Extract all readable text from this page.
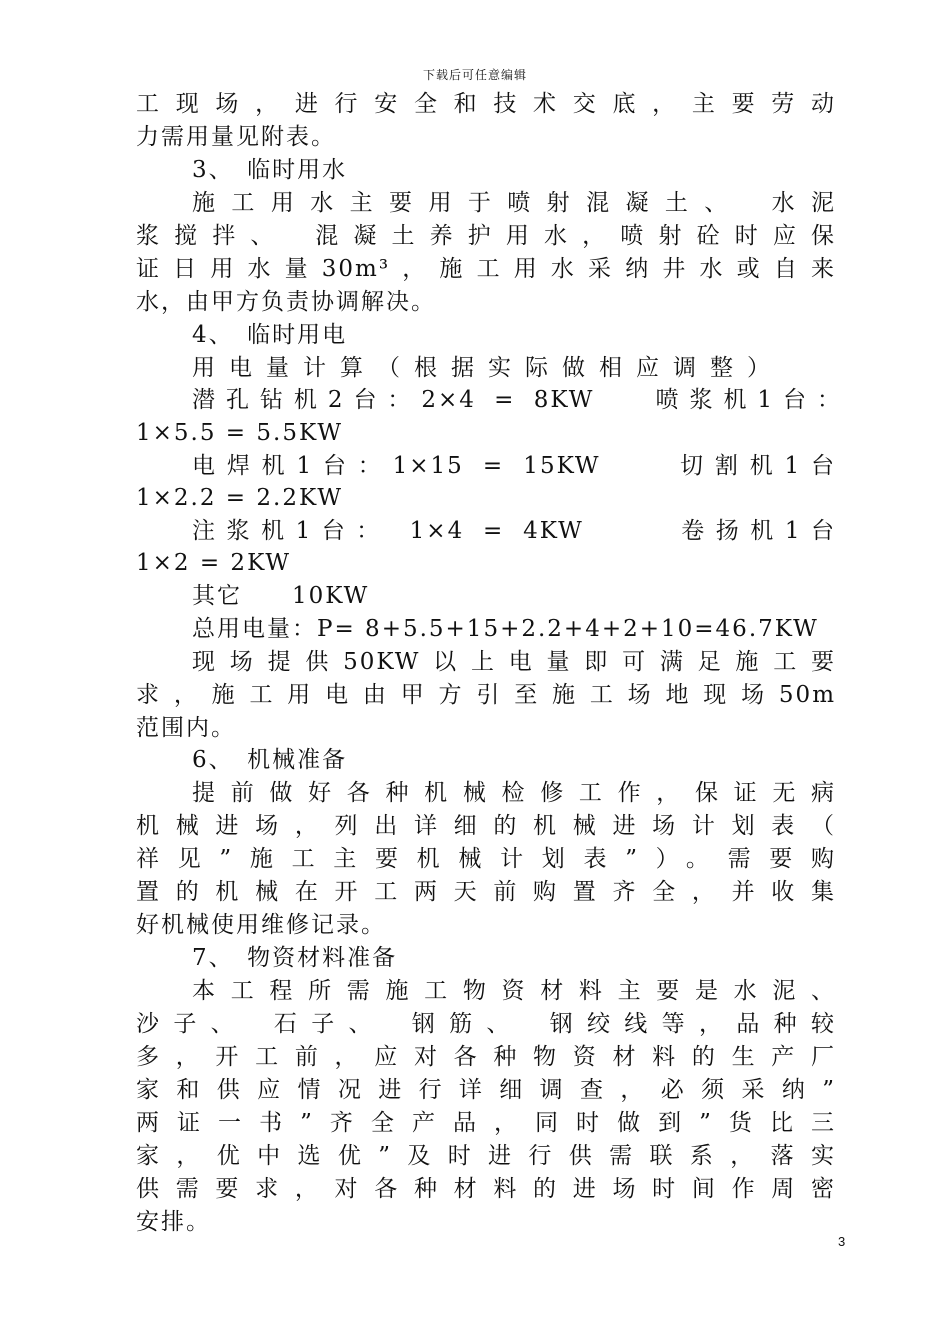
下载后可任意编辑
工现场，进行安全和技术交底，主要劳动
力需用量见附表。
3、　临时用水
施工用水主要用于喷射混凝土、　水泥
浆搅拌、　混凝土养护用水，喷射砼时应保
证日用水量30m³，施工用水采纳井水或自来
水，由甲方负责协调解决。
4、　临时用电
用电量计算（根据实际做相应调整）
潜孔钻机2台：2×4 = 8KW　 喷浆机1台：
1×5.5 = 5.5KW
电焊机1台：1×15 = 15KW　　切割机1台
1×2.2 = 2.2KW
注浆机1台： 1×4 = 4KW　　 卷扬机1台
1×2 = 2KW
其它　　10KW
总用电量：P= 8+5.5+15+2.2+4+2+10=46.7KW
现场提供50KW以上电量即可满足施工要
求，施工用电由甲方引至施工场地现场50m
范围内。
6、　机械准备
提前做好各种机械检修工作，保证无病
机械进场，列出详细的机械进场计划表（
祥见”施工主要机械计划表”）。需要购
置的机械在开工两天前购置齐全，并收集
好机械使用维修记录。
7、　物资材料准备
本工程所需施工物资材料主要是水泥、
沙子、　石子、　钢筋、　钢绞线等，品种较
多，开工前，应对各种物资材料的生产厂
家和供应情况进行详细调查，必须采纳”
两证一书”齐全产品，同时做到”货比三
家，优中选优”及时进行供需联系，落实
供需要求，对各种材料的进场时间作周密
安排。
3
